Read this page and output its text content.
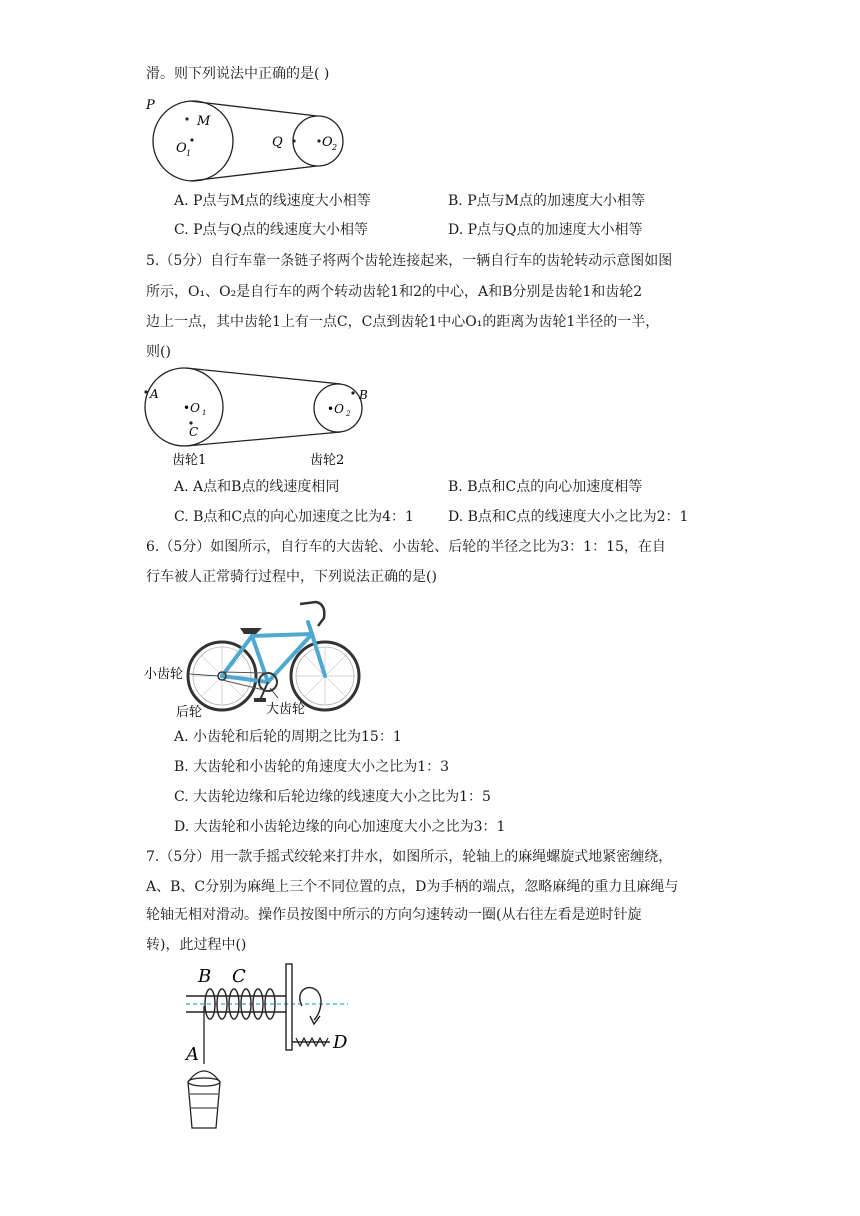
滑。则下列说法中正确的是( )
P
M
O 1
Q	O 2
A. P点与M点的线速度大小相等	B. P点与M点的加速度大小相等
C. P点与Q点的线速度大小相等	D. P点与Q点的加速度大小相等
5.（5分）自行车靠一条链子将两个齿轮连接起来，一辆自行车的齿轮转动示意图如图
所示，O₁、O₂是自行车的两个转动齿轮1和2的中心，A和B分别是齿轮1和齿轮2
边上一点，其中齿轮1上有一点C，C点到齿轮1中心O₁的距离为齿轮1半径的一半，
则()
A
•O 1
C
•O 2
B
齿轮1	齿轮2
A. A点和B点的线速度相同	B. B点和C点的向心加速度相等
C. B点和C点的向心加速度之比为4：1 D. B点和C点的线速度大小之比为2：1
6.（5分）如图所示，自行车的大齿轮、小齿轮、后轮的半径之比为3：1：15，在自
行车被人正常骑行过程中，下列说法正确的是()
小齿轮
大齿轮
后轮
A. 小齿轮和后轮的周期之比为15：1
B. 大齿轮和小齿轮的角速度大小之比为1：3
C. 大齿轮边缘和后轮边缘的线速度大小之比为1：5
D. 大齿轮和小齿轮边缘的向心加速度大小之比为3：1
7.（5分）用一款手摇式绞轮来打井水，如图所示，轮轴上的麻绳螺旋式地紧密缠绕，
A、B、C分别为麻绳上三个不同位置的点，D为手柄的端点，忽略麻绳的重力且麻绳与
轮轴无相对滑动。操作员按图中所示的方向匀速转动一圈(从右往左看是逆时针旋
转)，此过程中()
B C
D
A
